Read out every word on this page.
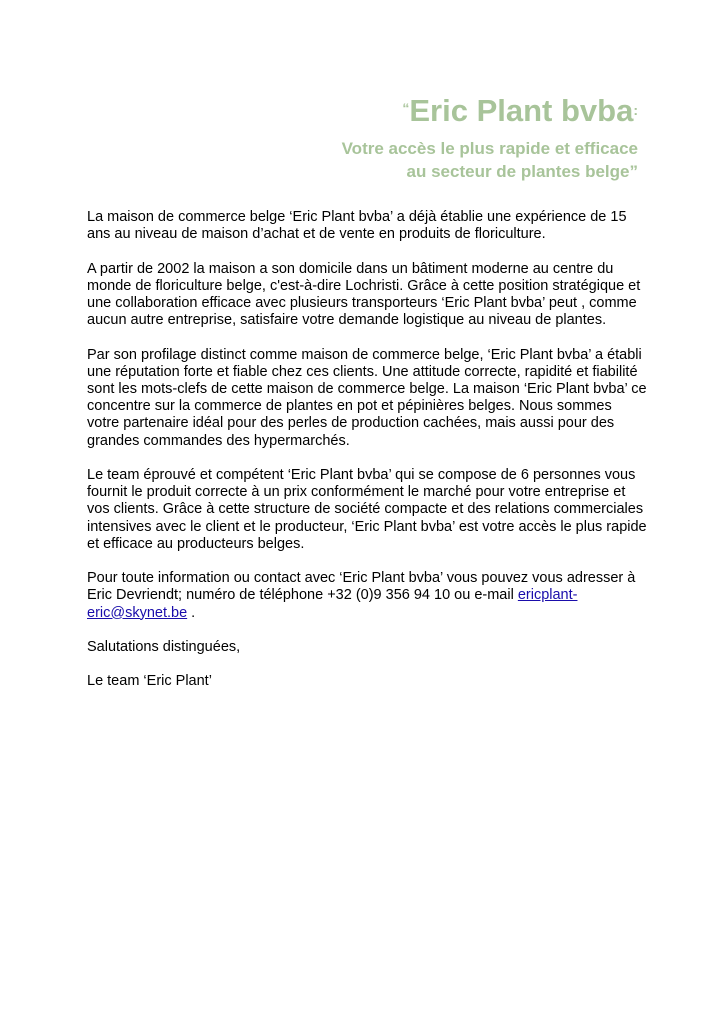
“Eric Plant bvba:
Votre accès le plus rapide et efficace
au secteur de plantes belge”

La maison de commerce belge ‘Eric Plant bvba’ a déjà établie une expérience de 15 ans au niveau de maison d’achat et de vente en produits de floriculture.

A partir de 2002 la maison a son domicile dans un bâtiment moderne au centre du monde de floriculture belge, c'est-à-dire Lochristi. Grâce à cette position stratégique et une collaboration efficace avec plusieurs transporteurs ‘Eric Plant bvba’ peut , comme aucun autre entreprise, satisfaire votre demande logistique au niveau de plantes.

Par son profilage distinct comme maison de commerce belge, ‘Eric Plant bvba’ a établi une réputation forte et fiable chez ces clients. Une attitude correcte, rapidité et fiabilité sont les mots-clefs de cette maison de commerce belge. La maison ‘Eric Plant bvba’ ce concentre sur la commerce de plantes en pot et pépinières belges. Nous sommes votre partenaire idéal pour des perles de production cachées, mais aussi pour des grandes commandes des hypermarchés.

Le team éprouvé et compétent ‘Eric Plant bvba’ qui se compose de 6 personnes vous fournit le produit correcte à un prix conformément le marché pour votre entreprise et vos clients. Grâce à cette structure de société compacte et des relations commerciales intensives avec le client et le producteur, ‘Eric Plant bvba’ est votre accès le plus rapide et efficace au producteurs belges.

Pour toute information ou contact avec ‘Eric Plant bvba’ vous pouvez vous adresser à Eric Devriendt; numéro de téléphone +32 (0)9 356 94 10 ou e-mail ericplant-eric@skynet.be .

Salutations distinguées,

Le team ‘Eric Plant’
